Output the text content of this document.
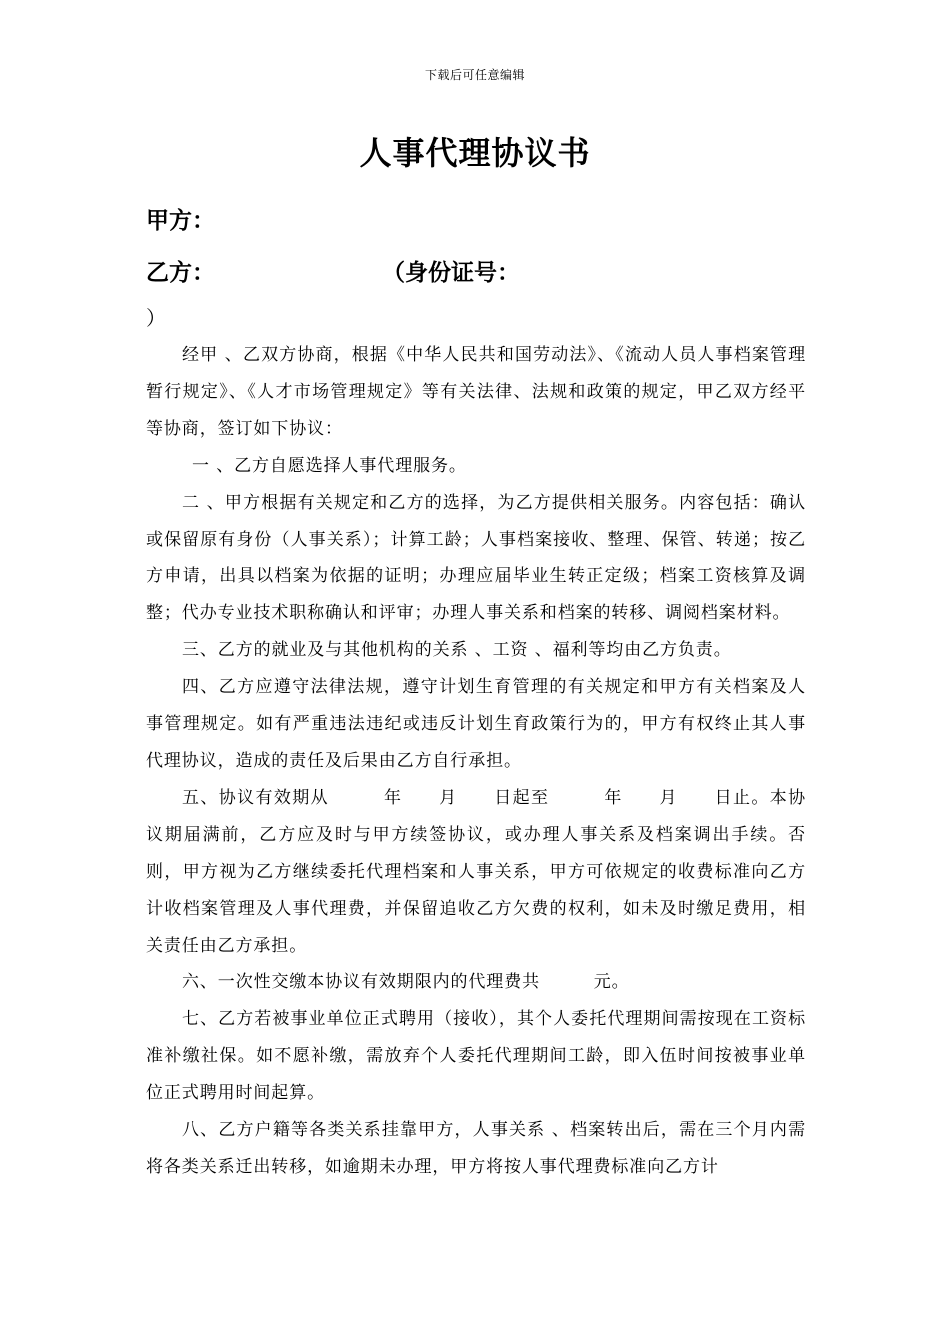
下载后可任意编辑
人事代理协议书
甲方：
乙方：	（身份证号：
）

经甲 、乙双方协商，根据《中华人民共和国劳动法》、《流动人员人事档案管理暂行规定》、《人才市场管理规定》等有关法律、法规和政策的规定，甲乙双方经平等协商，签订如下协议：

一 、乙方自愿选择人事代理服务。

二 、甲方根据有关规定和乙方的选择，为乙方提供相关服务。内容包括：确认或保留原有身份（人事关系）；计算工龄；人事档案接收、整理、保管、转递；按乙方申请，出具以档案为依据的证明；办理应届毕业生转正定级；档案工资核算及调整；代办专业技术职称确认和评审；办理人事关系和档案的转移、调阅档案材料。

三、乙方的就业及与其他机构的关系 、工资 、福利等均由乙方负责。

四、乙方应遵守法律法规，遵守计划生育管理的有关规定和甲方有关档案及人事管理规定。如有严重违法违纪或违反计划生育政策行为的，甲方有权终止其人事代理协议，造成的责任及后果由乙方自行承担。

五、协议有效期从　　　年　　月　　日起至　　　年　　月　　日止。本协议期届满前，乙方应及时与甲方续签协议，或办理人事关系及档案调出手续。否则，甲方视为乙方继续委托代理档案和人事关系，甲方可依规定的收费标准向乙方计收档案管理及人事代理费，并保留追收乙方欠费的权利，如未及时缴足费用，相关责任由乙方承担。

六、一次性交缴本协议有效期限内的代理费共　　　元。

七、乙方若被事业单位正式聘用（接收），其个人委托代理期间需按现在工资标准补缴社保。如不愿补缴，需放弃个人委托代理期间工龄，即入伍时间按被事业单位正式聘用时间起算。

八、乙方户籍等各类关系挂靠甲方，人事关系 、档案转出后，需在三个月内需将各类关系迁出转移，如逾期未办理，甲方将按人事代理费标准向乙方计
